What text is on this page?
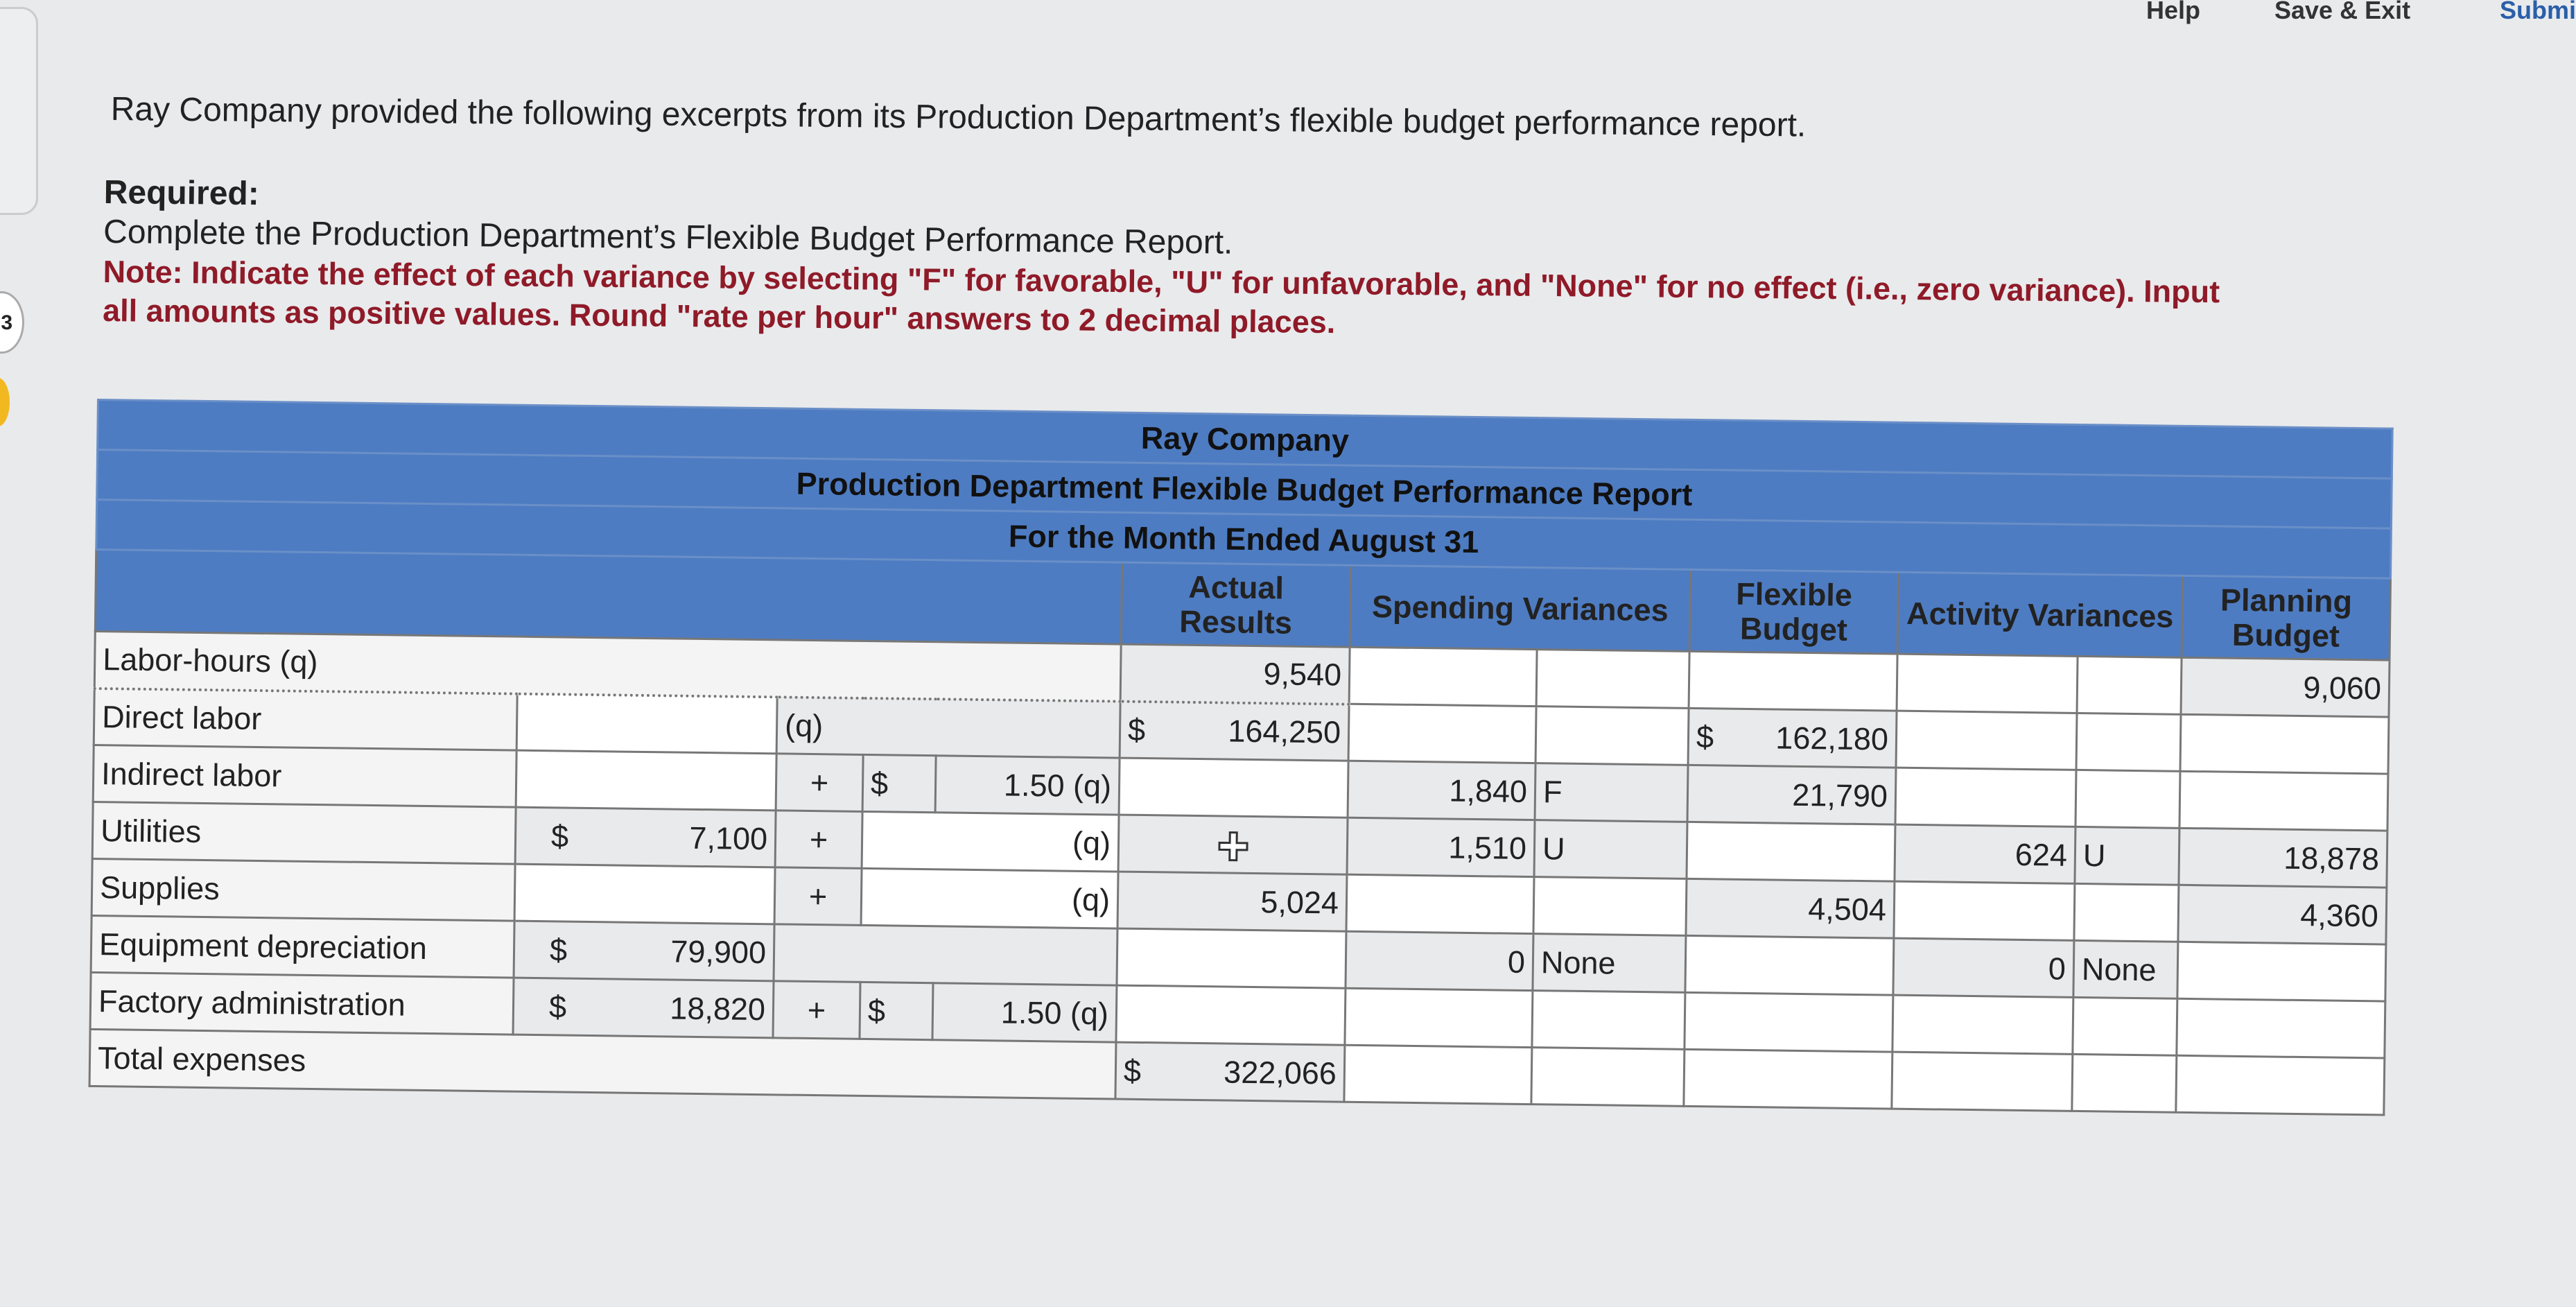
Help	Save & Exit	Submi
3
Ray Company provided the following excerpts from its Production Department’s flexible budget performance report.
Required:
Complete the Production Department’s Flexible Budget Performance Report.
Note: Indicate the effect of each variance by selecting "F" for favorable, "U" for unfavorable, and "None" for no effect (i.e., zero variance). Input all amounts as positive values. Round "rate per hour" answers to 2 decimal places.
Ray Company											
Production Department Flexible Budget Performance Report											
For the Month Ended August 31											
					Actual
Results	Spending Variances		Flexible
Budget	Activity Variances		Planning
Budget
Labor-hours (q)					9,540						9,060
Direct labor		(q)			$ 164,250			$ 162,180			
Indirect labor		+	$	1.50 (q)		1,840	F	21,790			
Utilities	$ 7,100	+	(q)			1,510	U		624	U	18,878
Supplies		+	(q)		5,024			4,504			4,360
Equipment depreciation	$ 79,900					0	None		0	None	
Factory administration	$ 18,820	+	$	1.50 (q)							
Total expenses					$ 322,066						
